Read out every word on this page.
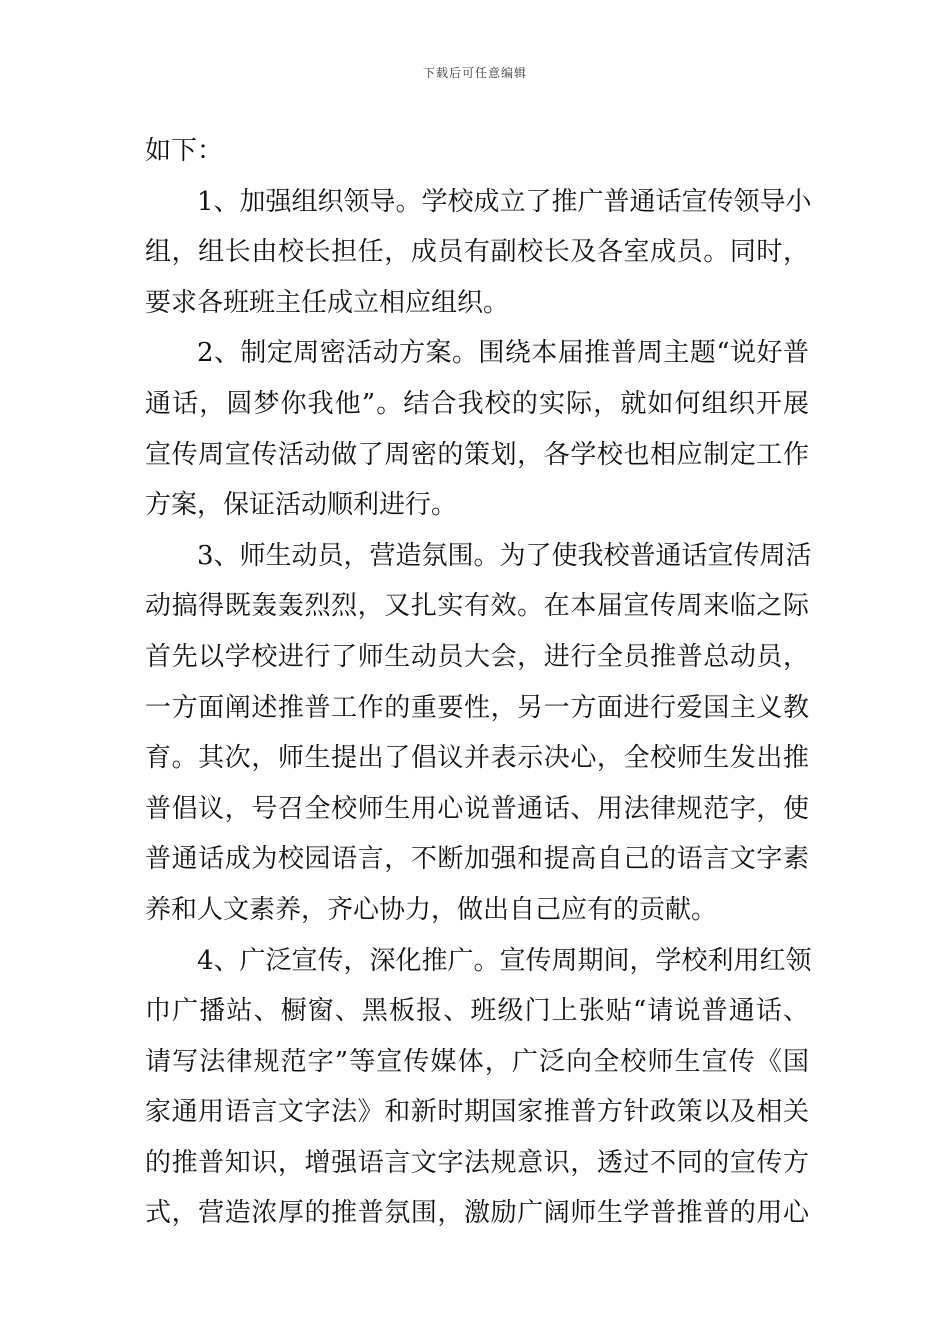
下载后可任意编辑
如下：
1、加强组织领导。学校成立了推广普通话宣传领导小
组，组长由校长担任，成员有副校长及各室成员。同时，
要求各班班主任成立相应组织。
2、制定周密活动方案。围绕本届推普周主题“说好普
通话，圆梦你我他”。结合我校的实际，就如何组织开展
宣传周宣传活动做了周密的策划，各学校也相应制定工作
方案，保证活动顺利进行。
3、师生动员，营造氛围。为了使我校普通话宣传周活
动搞得既轰轰烈烈，又扎实有效。在本届宣传周来临之际
首先以学校进行了师生动员大会，进行全员推普总动员，
一方面阐述推普工作的重要性，另一方面进行爱国主义教
育。其次，师生提出了倡议并表示决心，全校师生发出推
普倡议，号召全校师生用心说普通话、用法律规范字，使
普通话成为校园语言，不断加强和提高自己的语言文字素
养和人文素养，齐心协力，做出自己应有的贡献。
4、广泛宣传，深化推广。宣传周期间，学校利用红领
巾广播站、橱窗、黑板报、班级门上张贴“请说普通话、
请写法律规范字”等宣传媒体，广泛向全校师生宣传《国
家通用语言文字法》和新时期国家推普方针政策以及相关
的推普知识，增强语言文字法规意识，透过不同的宣传方
式，营造浓厚的推普氛围，激励广阔师生学普推普的用心
